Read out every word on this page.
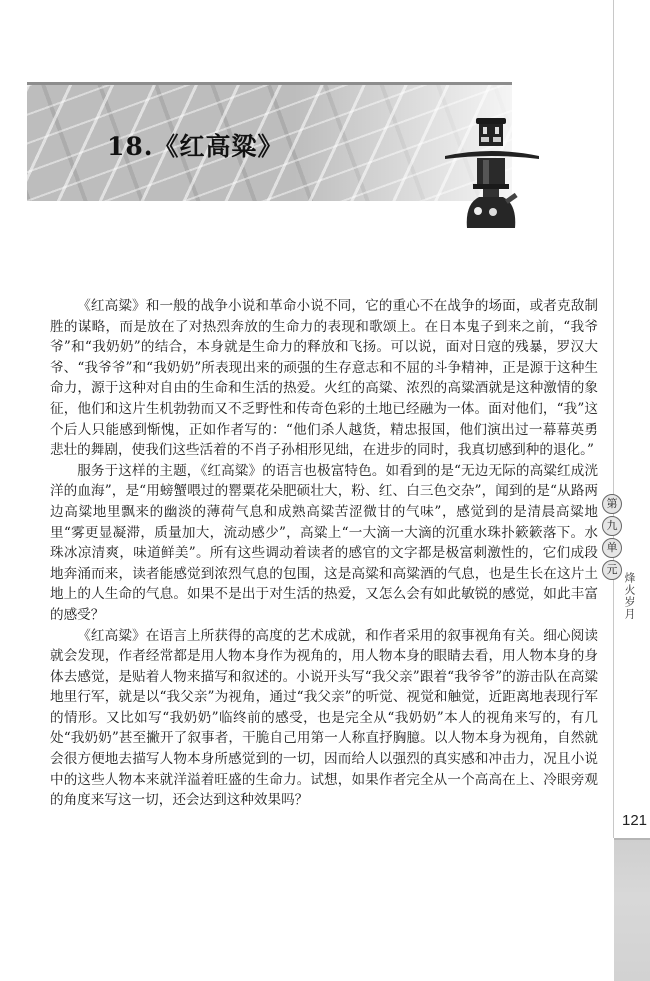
18.《红高粱》

《红高粱》和一般的战争小说和革命小说不同，它的重心不在战争的场面，或者克敌制胜的谋略，而是放在了对热烈奔放的生命力的表现和歌颂上。在日本鬼子到来之前，“我爷爷”和“我奶奶”的结合，本身就是生命力的释放和飞扬。可以说，面对日寇的残暴，罗汉大爷、“我爷爷”和“我奶奶”所表现出来的顽强的生存意志和不屈的斗争精神，正是源于这种生命力，源于这种对自由的生命和生活的热爱。火红的高粱、浓烈的高粱酒就是这种激情的象征，他们和这片生机勃勃而又不乏野性和传奇色彩的土地已经融为一体。面对他们，“我”这个后人只能感到惭愧，正如作者写的：“他们杀人越货，精忠报国，他们演出过一幕幕英勇悲壮的舞剧，使我们这些活着的不肖子孙相形见绌，在进步的同时，我真切感到种的退化。”

服务于这样的主题，《红高粱》的语言也极富特色。如看到的是“无边无际的高粱红成洸洋的血海”，是“用螃蟹喂过的罂粟花朵肥硕壮大，粉、红、白三色交杂”，闻到的是“从路两边高粱地里飘来的幽淡的薄荷气息和成熟高粱苦涩微甘的气味”，感觉到的是清晨高粱地里“雾更显凝滞，质量加大，流动感少”，高粱上“一大滴一大滴的沉重水珠扑簌簌落下。水珠冰凉清爽，味道鲜美”。所有这些调动着读者的感官的文字都是极富刺激性的，它们成段地奔涌而来，读者能感觉到浓烈气息的包围，这是高粱和高粱酒的气息，也是生长在这片土地上的人生命的气息。如果不是出于对生活的热爱，又怎么会有如此敏锐的感觉，如此丰富的感受？

《红高粱》在语言上所获得的高度的艺术成就，和作者采用的叙事视角有关。细心阅读就会发现，作者经常都是用人物本身作为视角的，用人物本身的眼睛去看，用人物本身的身体去感觉，是贴着人物来描写和叙述的。小说开头写“我父亲”跟着“我爷爷”的游击队在高粱地里行军，就是以“我父亲”为视角，通过“我父亲”的听觉、视觉和触觉，近距离地表现行军的情形。又比如写“我奶奶”临终前的感受，也是完全从“我奶奶”本人的视角来写的，有几处“我奶奶”甚至撇开了叙事者，干脆自己用第一人称直抒胸臆。以人物本身为视角，自然就会很方便地去描写人物本身所感觉到的一切，因而给人以强烈的真实感和冲击力，况且小说中的这些人物本来就洋溢着旺盛的生命力。试想，如果作者完全从一个高高在上、冷眼旁观的角度来写这一切，还会达到这种效果吗？

第
九
单
元
烽火岁月
121
